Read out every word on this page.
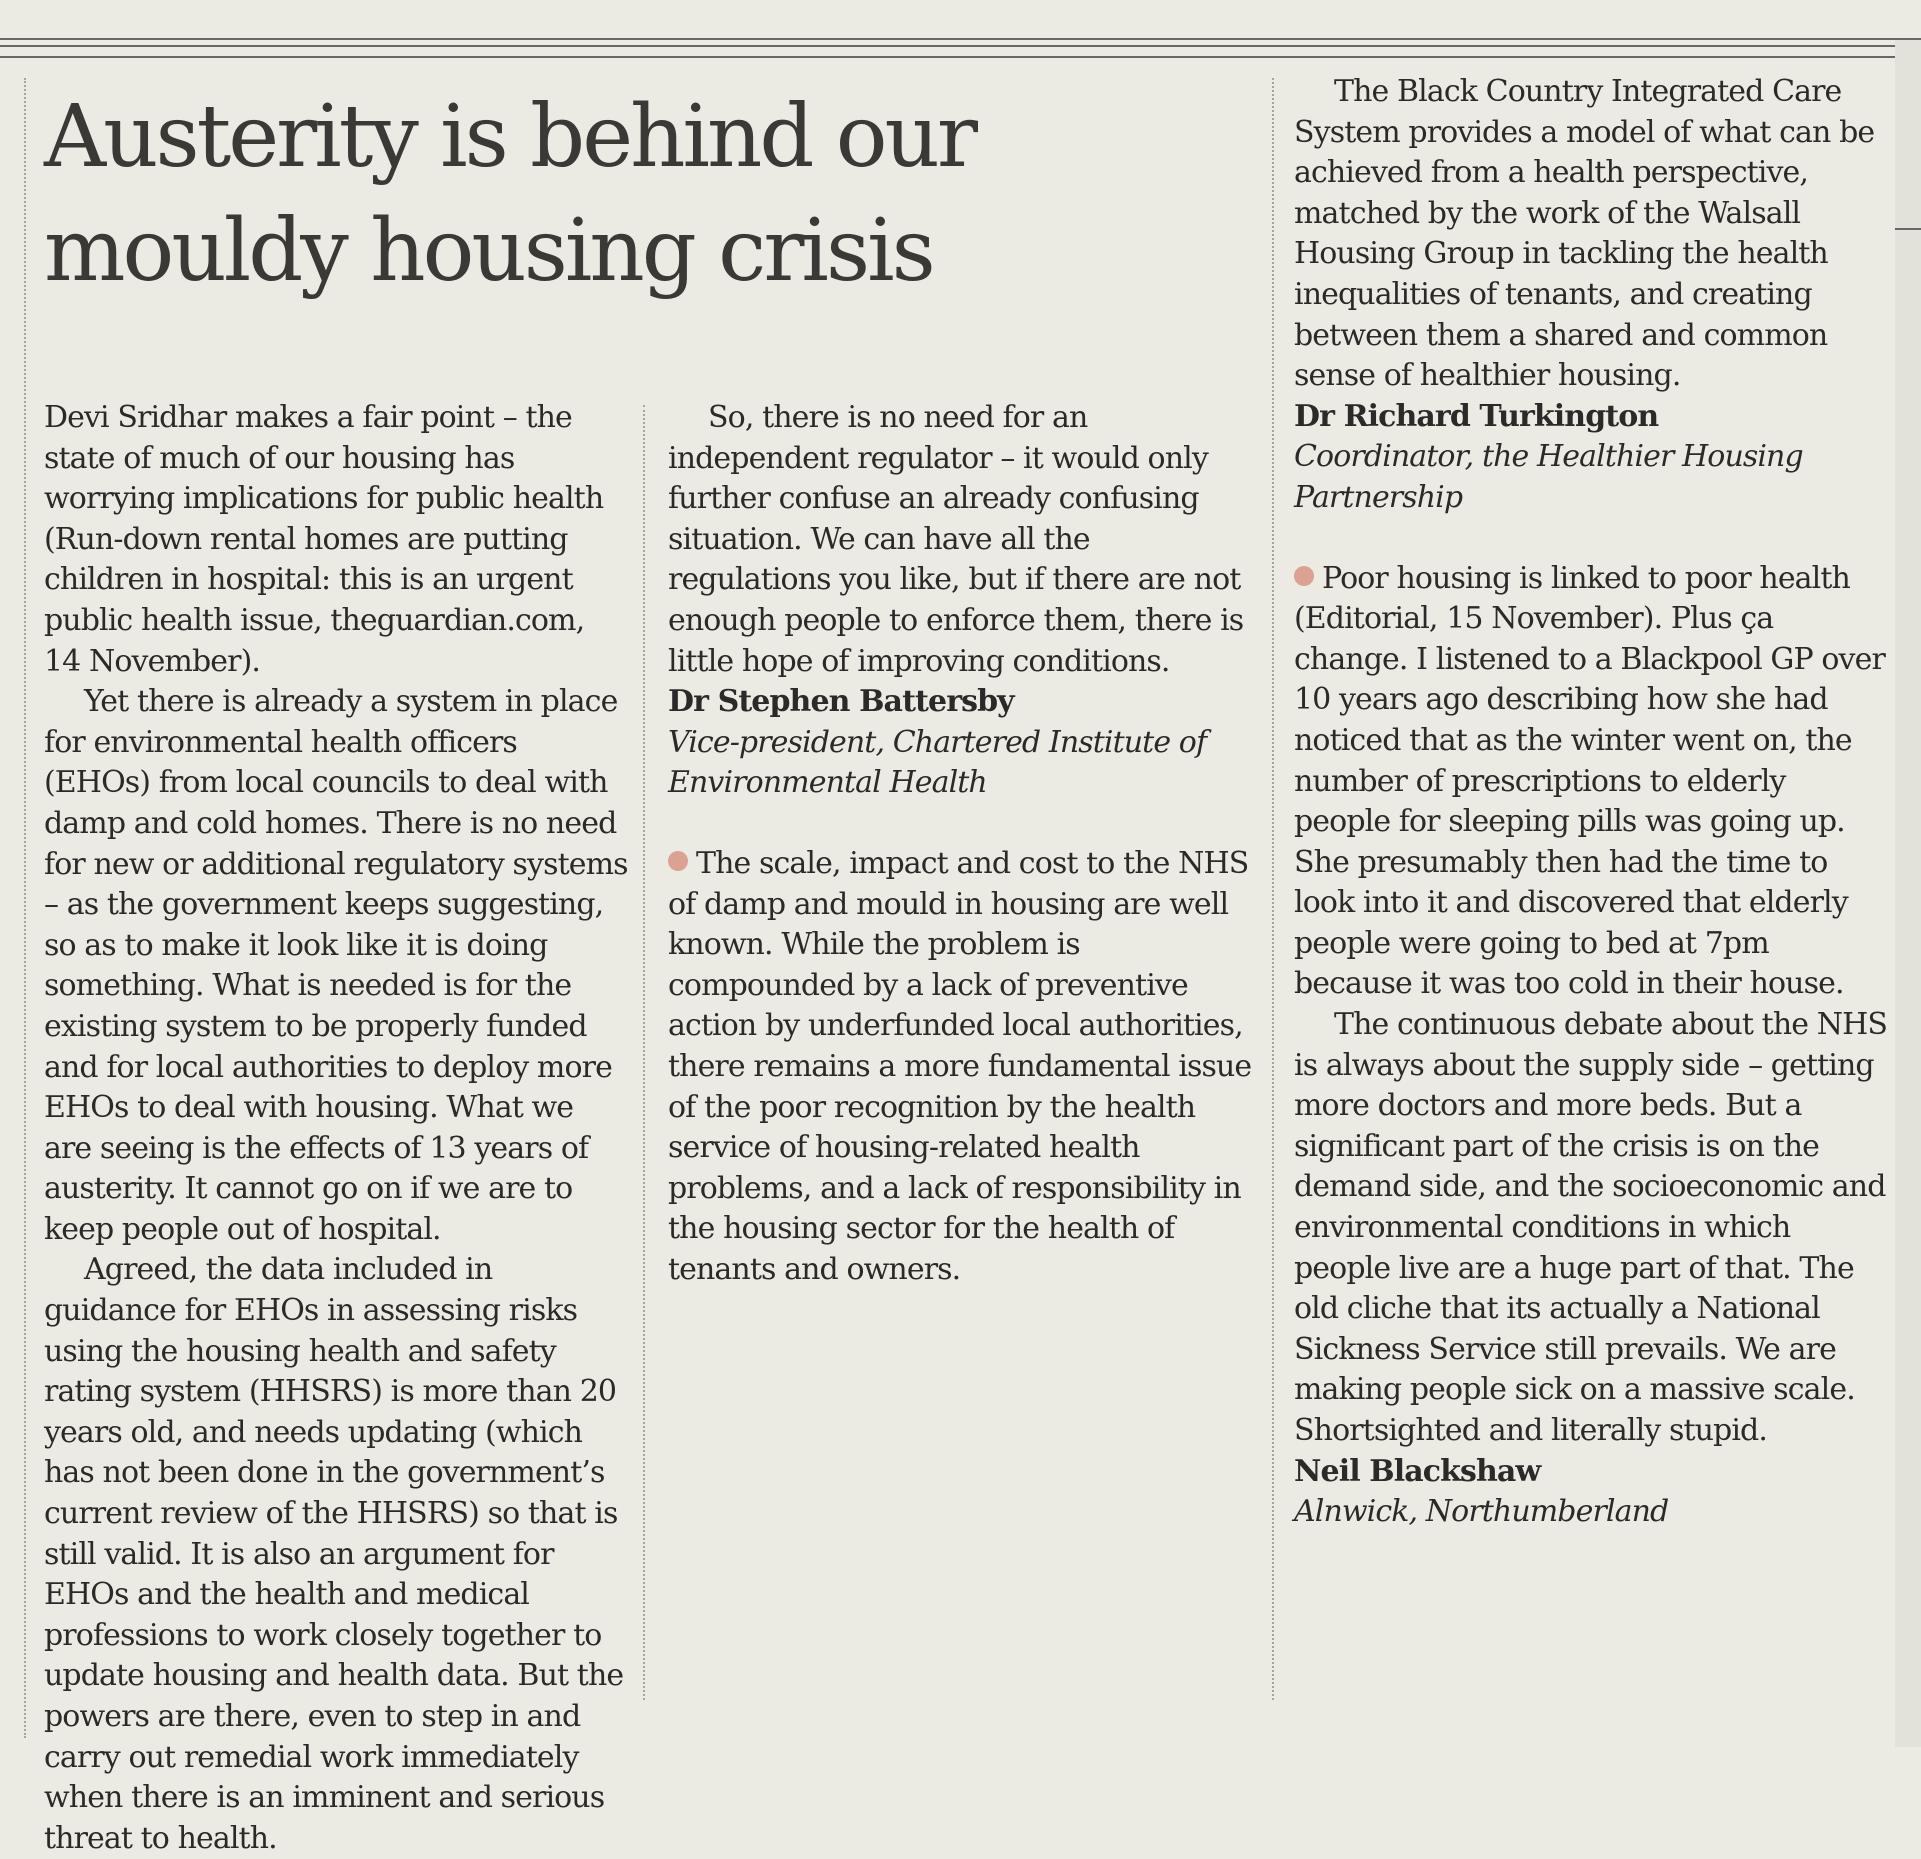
Austerity is behind our
mouldy housing crisis

Devi Sridhar makes a fair point – the state of much of our housing has worrying implications for public health (Run-down rental homes are putting children in hospital: this is an urgent public health issue, theguardian.com, 14 November).

Yet there is already a system in place for environmental health officers (EHOs) from local councils to deal with damp and cold homes. There is no need for new or additional regulatory systems – as the government keeps suggesting, so as to make it look like it is doing something. What is needed is for the existing system to be properly funded and for local authorities to deploy more EHOs to deal with housing. What we are seeing is the effects of 13 years of austerity. It cannot go on if we are to keep people out of hospital.

Agreed, the data included in guidance for EHOs in assessing risks using the housing health and safety rating system (HHSRS) is more than 20 years old, and needs updating (which has not been done in the government’s current review of the HHSRS) so that is still valid. It is also an argument for EHOs and the health and medical professions to work closely together to update housing and health data. But the powers are there, even to step in and carry out remedial work immediately when there is an imminent and serious threat to health.

So, there is no need for an independent regulator – it would only further confuse an already confusing situation. We can have all the regulations you like, but if there are not enough people to enforce them, there is little hope of improving conditions.

Dr Stephen Battersby

Vice-president, Chartered Institute of Environmental Health

The scale, impact and cost to the NHS of damp and mould in housing are well known. While the problem is compounded by a lack of preventive action by underfunded local authorities, there remains a more fundamental issue of the poor recognition by the health service of housing-related health problems, and a lack of responsibility in the housing sector for the health of tenants and owners.

The Black Country Integrated Care System provides a model of what can be achieved from a health perspective, matched by the work of the Walsall Housing Group in tackling the health inequalities of tenants, and creating between them a shared and common sense of healthier housing.

Dr Richard Turkington

Coordinator, the Healthier Housing Partnership

Poor housing is linked to poor health (Editorial, 15 November). Plus ça change. I listened to a Blackpool GP over 10 years ago describing how she had noticed that as the winter went on, the number of prescriptions to elderly people for sleeping pills was going up. She presumably then had the time to look into it and discovered that elderly people were going to bed at 7pm because it was too cold in their house.

The continuous debate about the NHS is always about the supply side – getting more doctors and more beds. But a significant part of the crisis is on the demand side, and the socioeconomic and environmental conditions in which people live are a huge part of that. The old cliche that its actually a National Sickness Service still prevails. We are making people sick on a massive scale. Shortsighted and literally stupid.

Neil Blackshaw

Alnwick, Northumberland
